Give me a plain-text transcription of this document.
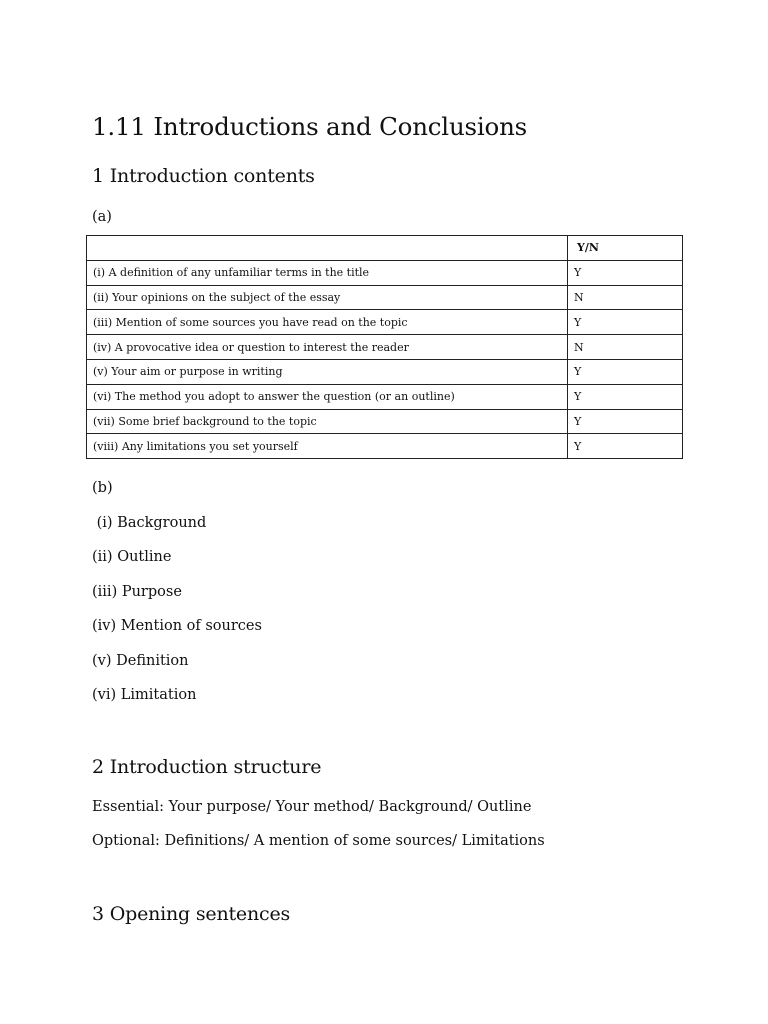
1.11 Introductions and Conclusions
1 Introduction contents

(a)

	Y/N
(i) A definition of any unfamiliar terms in the title	Y
(ii) Your opinions on the subject of the essay	N
(iii) Mention of some sources you have read on the topic	Y
(iv) A provocative idea or question to interest the reader	N
(v) Your aim or purpose in writing	Y
(vi) The method you adopt to answer the question (or an outline)	Y
(vii) Some brief background to the topic	Y
(viii) Any limitations you set yourself	Y

(b)

(i) Background

(ii) Outline

(iii) Purpose

(iv) Mention of sources

(v) Definition

(vi) Limitation

2 Introduction structure

Essential: Your purpose/ Your method/ Background/ Outline

Optional: Definitions/ A mention of some sources/ Limitations

3 Opening sentences
